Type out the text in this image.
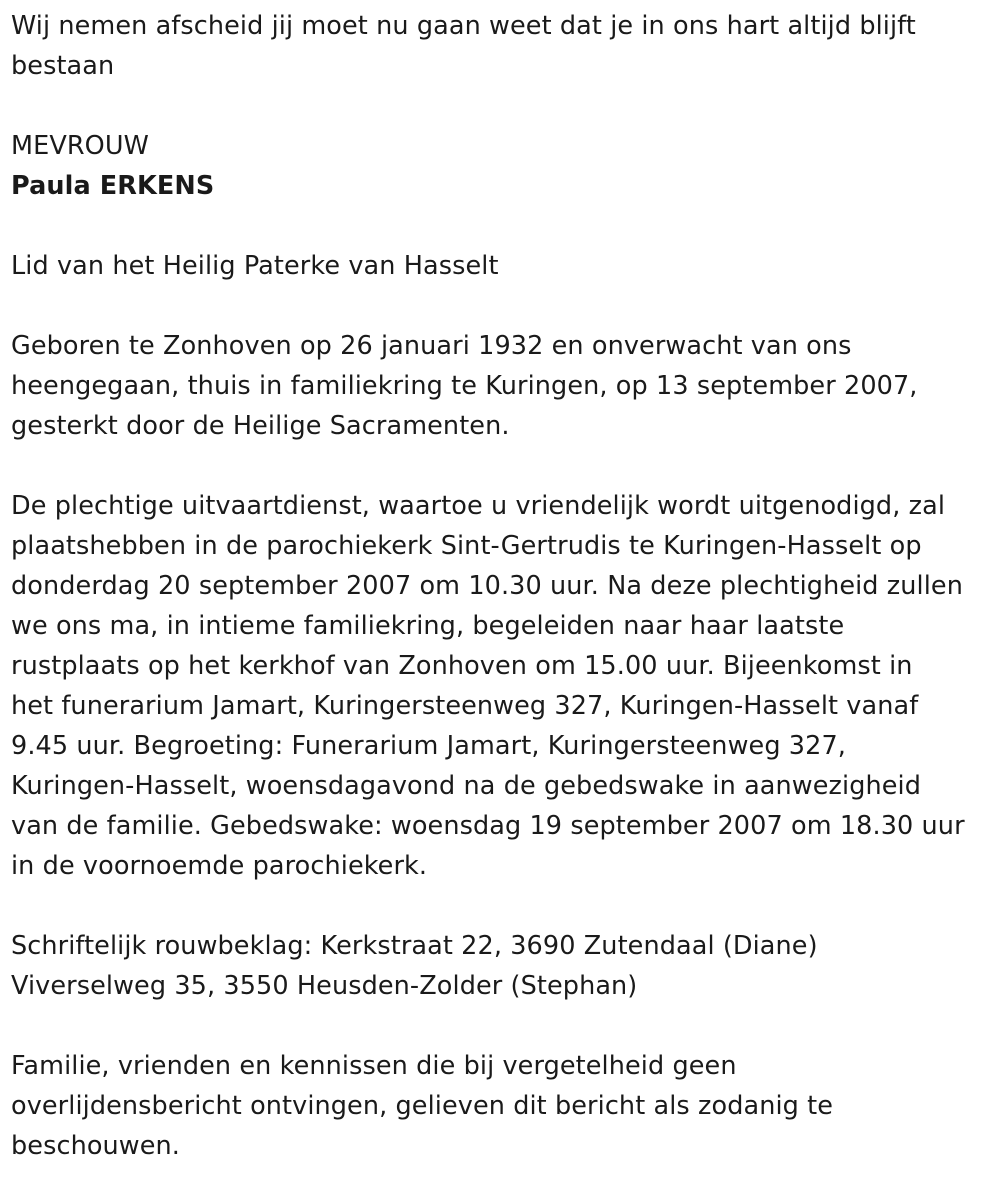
Wij nemen afscheid jij moet nu gaan weet dat je in ons hart altijd blijft

bestaan

MEVROUW

Paula ERKENS

Lid van het Heilig Paterke van Hasselt

Geboren te Zonhoven op 26 januari 1932 en onverwacht van ons

heengegaan, thuis in familiekring te Kuringen, op 13 september 2007,

gesterkt door de Heilige Sacramenten.

De plechtige uitvaartdienst, waartoe u vriendelijk wordt uitgenodigd, zal

plaatshebben in de parochiekerk Sint-Gertrudis te Kuringen-Hasselt op

donderdag 20 september 2007 om 10.30 uur. Na deze plechtigheid zullen

we ons ma, in intieme familiekring, begeleiden naar haar laatste

rustplaats op het kerkhof van Zonhoven om 15.00 uur. Bijeenkomst in

het funerarium Jamart, Kuringersteenweg 327, Kuringen-Hasselt vanaf

9.45 uur. Begroeting: Funerarium Jamart, Kuringersteenweg 327,

Kuringen-Hasselt, woensdagavond na de gebedswake in aanwezigheid

van de familie. Gebedswake: woensdag 19 september 2007 om 18.30 uur

in de voornoemde parochiekerk.

Schriftelijk rouwbeklag: Kerkstraat 22, 3690 Zutendaal (Diane)

Viverselweg 35, 3550 Heusden-Zolder (Stephan)

Familie, vrienden en kennissen die bij vergetelheid geen

overlijdensbericht ontvingen, gelieven dit bericht als zodanig te

beschouwen.
